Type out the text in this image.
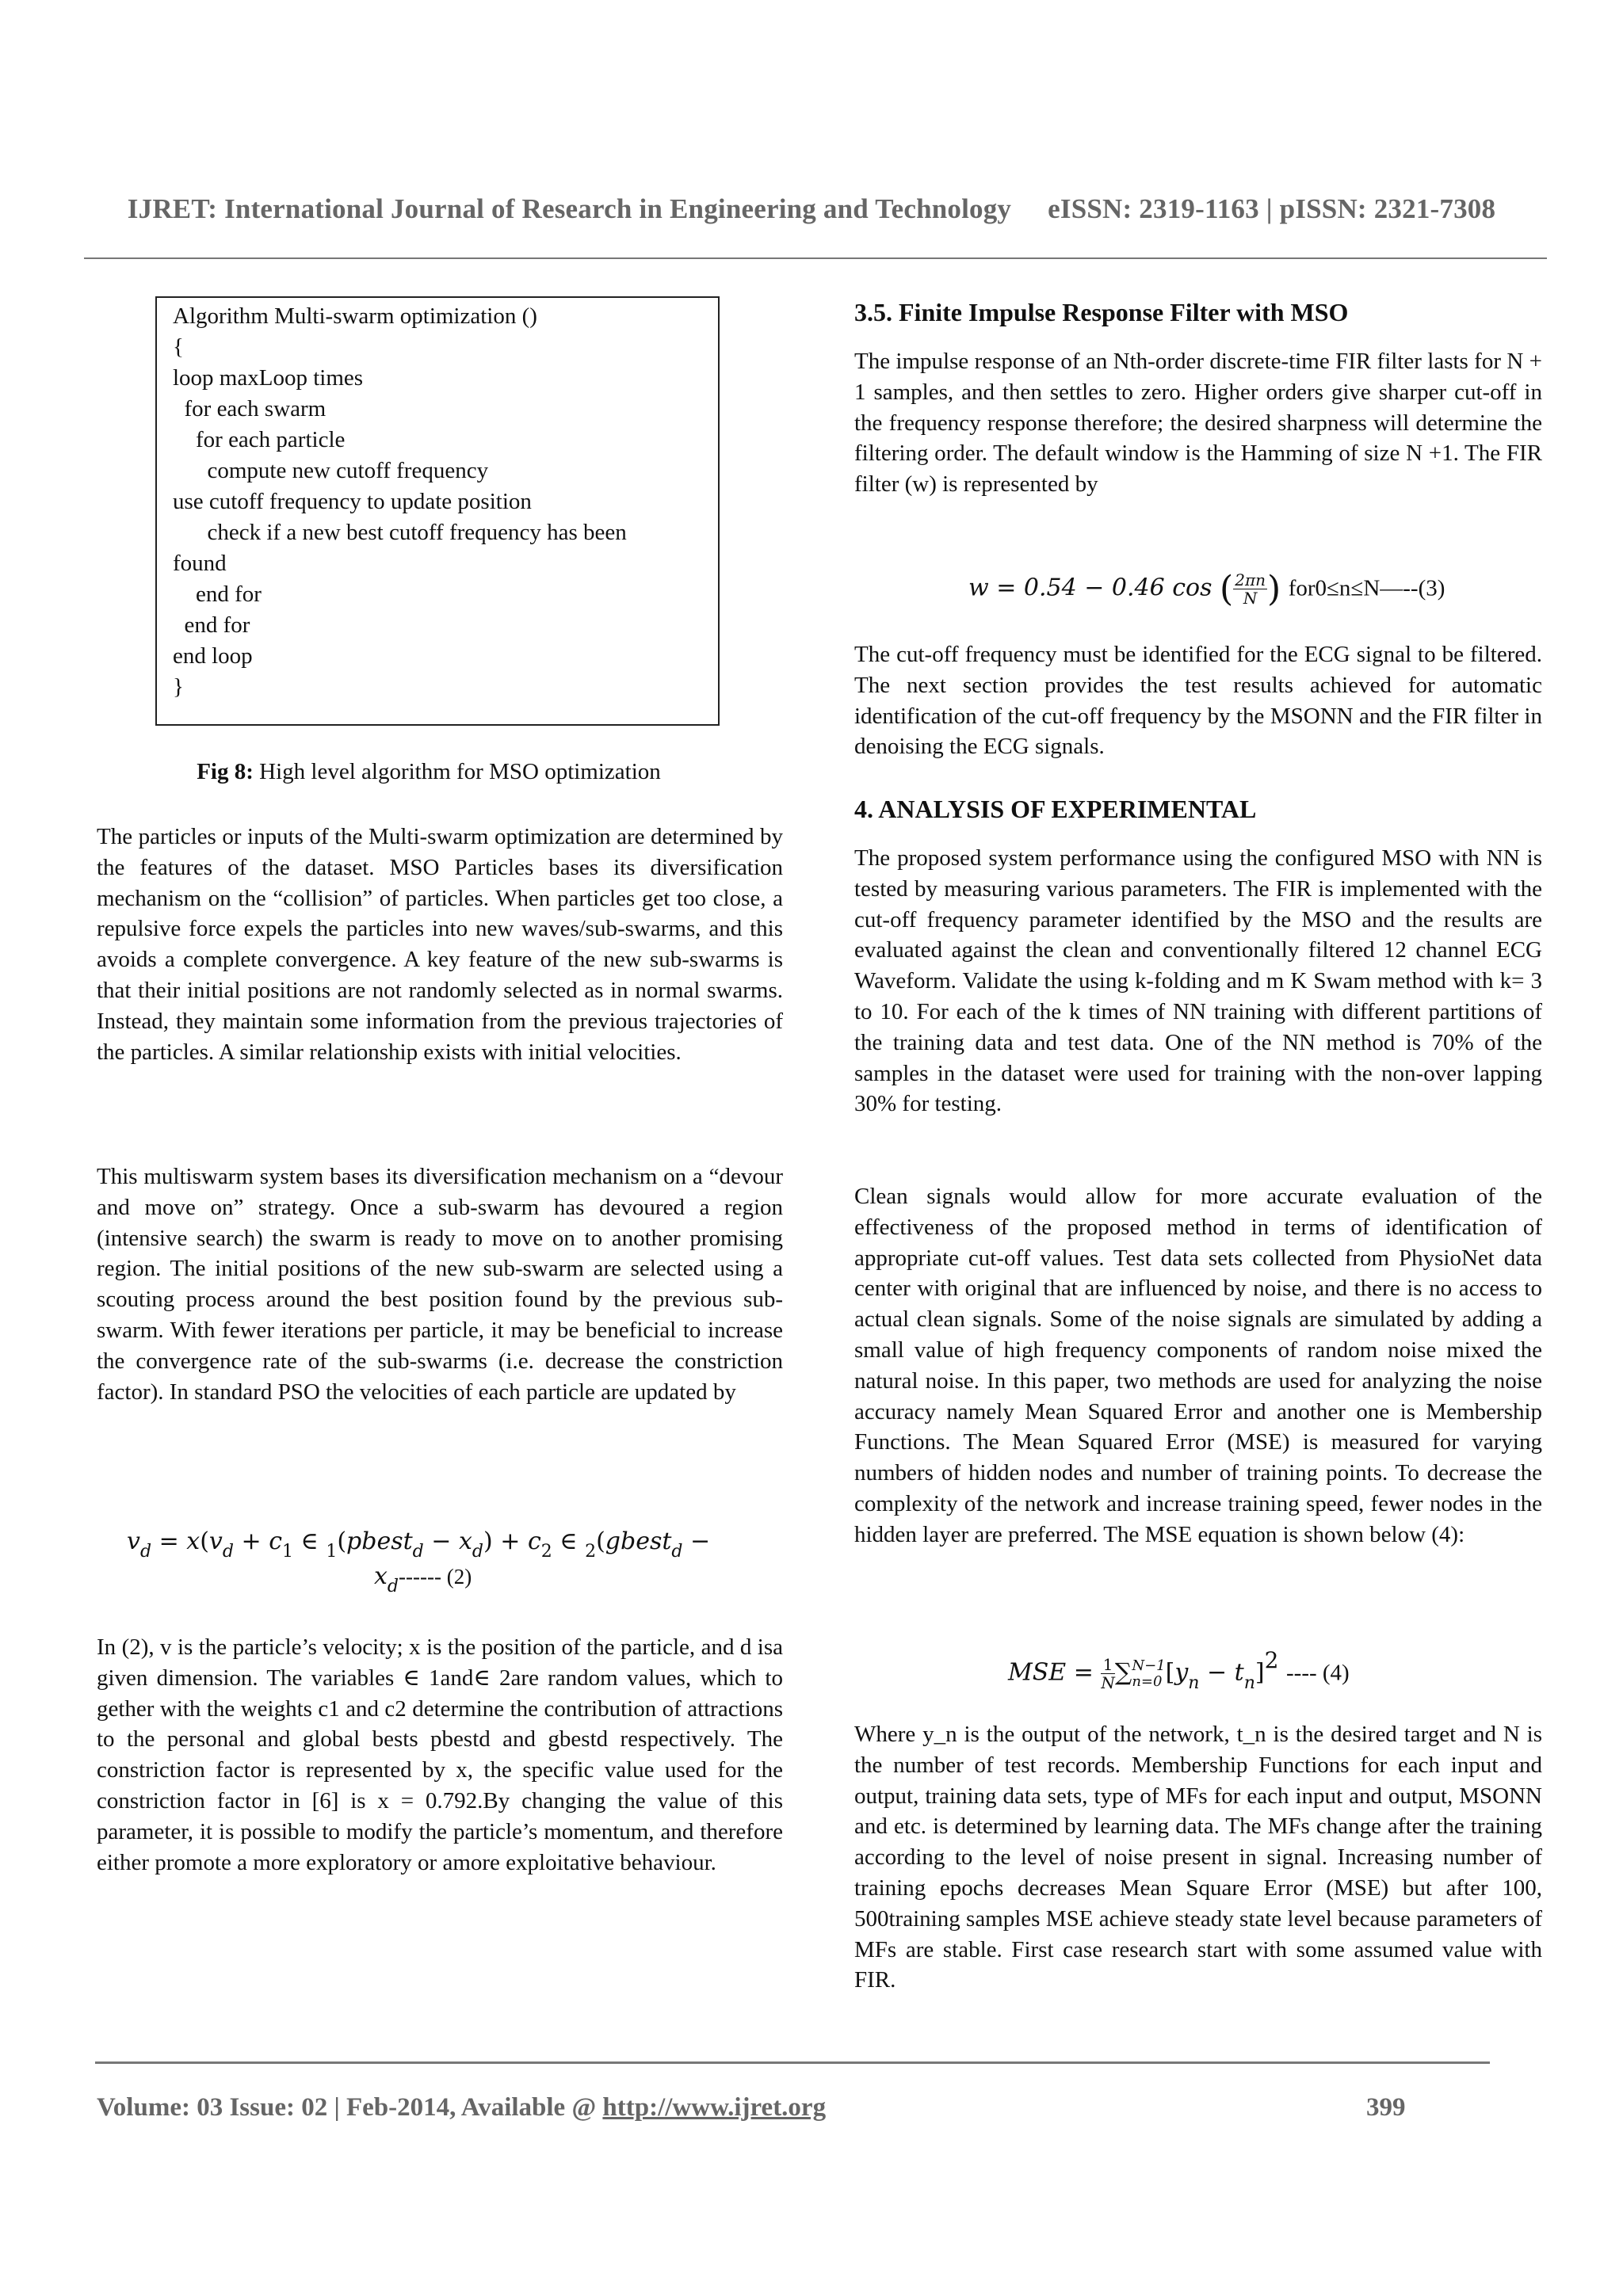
IJRET: International Journal of Research in Engineering and Technology eISSN: 2319-1163 | pISSN: 2321-7308
Algorithm Multi-swarm optimization ()
{
loop maxLoop times
for each swarm
for each particle
compute new cutoff frequency
use cutoff frequency to update position
check if a new best cutoff frequency has been
found
end for
end for
end loop
}
Fig 8: High level algorithm for MSO optimization

The particles or inputs of the Multi-swarm optimization are determined by the features of the dataset. MSO Particles bases its diversification mechanism on the “collision” of particles. When particles get too close, a repulsive force expels the particles into new waves/sub-swarms, and this avoids a complete convergence. A key feature of the new sub-swarms is that their initial positions are not randomly selected as in normal swarms. Instead, they maintain some information from the previous trajectories of the particles. A similar relationship exists with initial velocities.

This multiswarm system bases its diversification mechanism on a “devour and move on” strategy. Once a sub-swarm has devoured a region (intensive search) the swarm is ready to move on to another promising region. The initial positions of the new sub-swarm are selected using a scouting process around the best position found by the previous sub-swarm. With fewer iterations per particle, it may be beneficial to increase the convergence rate of the sub-swarms (i.e. decrease the constriction factor). In standard PSO the velocities of each particle are updated by

$v_d = x(v_d + c_1$ ∈ $_1$(pbest$_d$ − $x_d) + c_2$ ∈ $_2$(gbest$_d$ −
$x_d------$ (2)

In (2), v is the particle’s velocity; x is the position of the particle, and d isa given dimension. The variables ∈ 1and∈ 2are random values, which to gether with the weights c1 and c2 determine the contribution of attractions to the personal and global bests pbestd and gbestd respectively. The constriction factor is represented by x, the specific value used for the constriction factor in [6] is x = 0.792.By changing the value of this parameter, it is possible to modify the particle’s momentum, and therefore either promote a more exploratory or amore exploitative behaviour.

3.5. Finite Impulse Response Filter with MSO

The impulse response of an Nth-order discrete-time FIR filter lasts for N + 1 samples, and then settles to zero. Higher orders give sharper cut-off in the frequency response therefore; the desired sharpness will determine the filtering order. The default window is the Hamming of size N +1. The FIR filter (w) is represented by

w = 0.54 − 0.46 cos ( $\frac{2\pi n}{N}$ ) for0≤n≤N—--(3)

The cut-off frequency must be identified for the ECG signal to be filtered. The next section provides the test results achieved for automatic identification of the cut-off frequency by the MSONN and the FIR filter in denoising the ECG signals.

4. ANALYSIS OF EXPERIMENTAL

The proposed system performance using the configured MSO with NN is tested by measuring various parameters. The FIR is implemented with the cut-off frequency parameter identified by the MSO and the results are evaluated against the clean and conventionally filtered 12 channel ECG Waveform. Validate the using k-folding and m K Swam method with k= 3 to 10. For each of the k times of NN training with different partitions of the training data and test data. One of the NN method is 70% of the samples in the dataset were used for training with the non-over lapping 30% for testing.

Clean signals would allow for more accurate evaluation of the effectiveness of the proposed method in terms of identification of appropriate cut-off values. Test data sets collected from PhysioNet data center with original that are influenced by noise, and there is no access to actual clean signals. Some of the noise signals are simulated by adding a small value of high frequency components of random noise mixed the natural noise. In this paper, two methods are used for analyzing the noise accuracy namely Mean Squared Error and another one is Membership Functions. The Mean Squared Error (MSE) is measured for varying numbers of hidden nodes and number of training points. To decrease the complexity of the network and increase training speed, fewer nodes in the hidden layer are preferred. The MSE equation is shown below (4):

MSE = $\frac{1}{N}$ ∑ N−1
n=0 $[y_n - t_n]2$ ---- (4)

Where y_n is the output of the network, t_n is the desired target and N is the number of test records. Membership Functions for each input and output, training data sets, type of MFs for each input and output, MSONN and etc. is determined by learning data. The MFs change after the training according to the level of noise present in signal. Increasing number of training epochs decreases Mean Square Error (MSE) but after 100, 500training samples MSE achieve steady state level because parameters of MFs are stable. First case research start with some assumed value with FIR.

Volume: 03 Issue: 02 | Feb-2014, Available @ http://www.ijret.org	399
